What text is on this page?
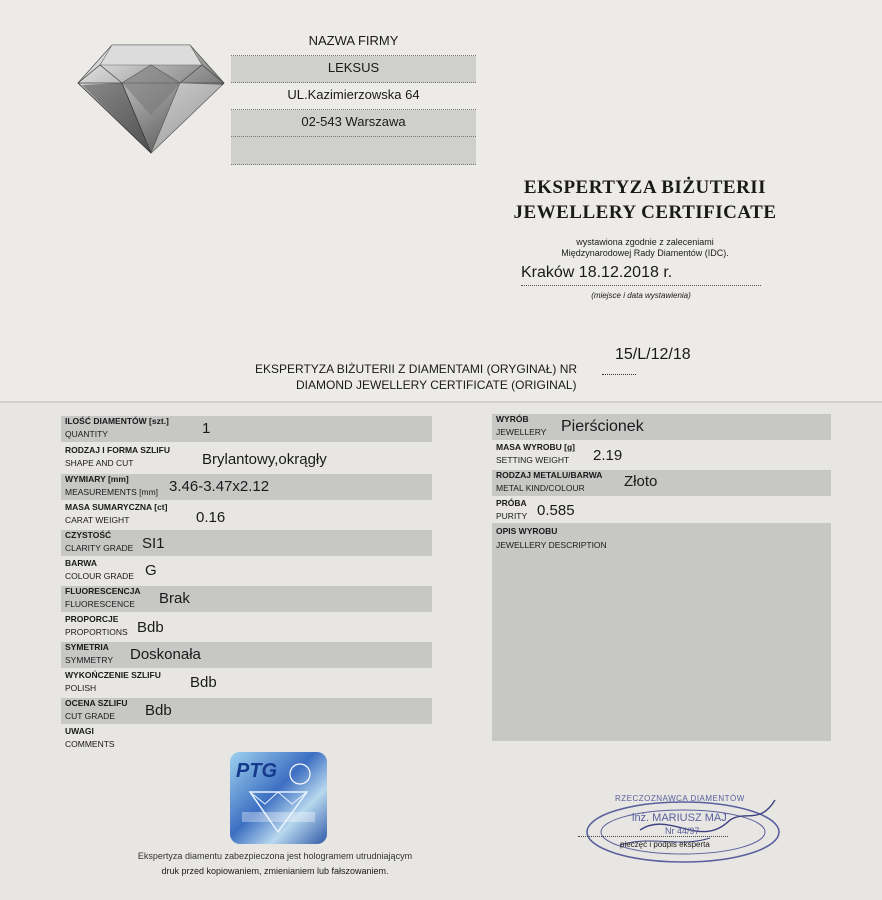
NAZWA FIRMY
LEKSUS
UL.Kazimierzowska 64
02-543 Warszawa
EKSPERTYZA BIŻUTERII
JEWELLERY CERTIFICATE
wystawiona zgodnie z zaleceniami
Międzynarodowej Rady Diamentów (IDC).
Kraków 18.12.2018 r.
(miejsce i data wystawienia)
EKSPERTYZA BIŻUTERII Z DIAMENTAMI (ORYGINAŁ) NR
15/L/12/18
DIAMOND JEWELLERY CERTIFICATE (ORIGINAL)
ILOŚĆ DIAMENTÓW [szt.]
QUANTITY	1
RODZAJ I FORMA SZLIFU
SHAPE AND CUT	Brylantowy,okrągły
WYMIARY [mm]
MEASUREMENTS [mm] 3.46-3.47x2.12
MASA SUMARYCZNA [ct]
CARAT WEIGHT	0.16
CZYSTOŚĆ
CLARITY GRADE SI1
BARWA
COLOUR GRADE G
FLUORESCENCJA
FLUORESCENCE Brak
PROPORCJE
PROPORTIONS Bdb
SYMETRIA
SYMMETRY Doskonała
WYKOŃCZENIE SZLIFU
POLISH	Bdb
OCENA SZLIFU
CUT GRADE Bdb
UWAGI
COMMENTS
WYRÓB
JEWELLERY Pierścionek
MASA WYROBU [g]
SETTING WEIGHT 2.19
RODZAJ METALU/BARWA
METAL KIND/COLOUR	Złoto
PRÓBA
PURITY 0.585
OPIS WYROBU
JEWELLERY DESCRIPTION
PTG
Ekspertyza diamentu zabezpieczona jest hologramem utrudniającym
druk przed kopiowaniem, zmienianiem lub fałszowaniem.
RZECZOZNAWCA DIAMENTÓW
inż. MARIUSZ MAJ
Nr 44/97
pieczęć i podpis eksperta
